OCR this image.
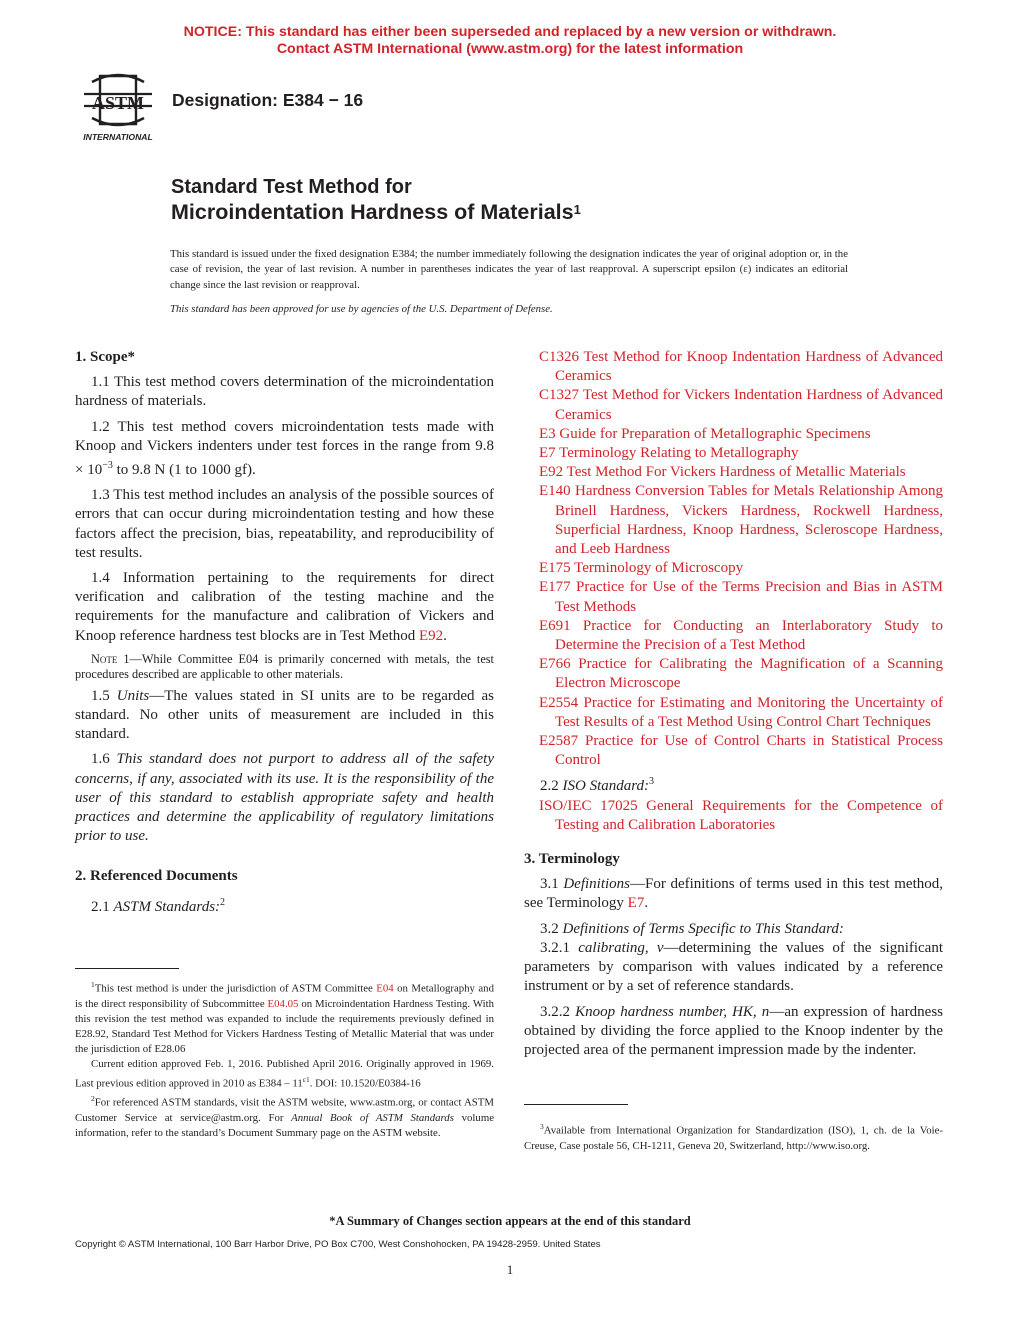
NOTICE: This standard has either been superseded and replaced by a new version or withdrawn.
Contact ASTM International (www.astm.org) for the latest information
ASTM
INTERNATIONAL
Designation: E384 − 16
Standard Test Method for
Microindentation Hardness of Materials$^1$
This standard is issued under the fixed designation E384; the number immediately following the designation indicates the year of original adoption or, in the case of revision, the year of last revision. A number in parentheses indicates the year of last reapproval. A superscript epsilon (ε) indicates an editorial change since the last revision or reapproval.
This standard has been approved for use by agencies of the U.S. Department of Defense.
1. Scope*

1.1 This test method covers determination of the microindentation hardness of materials.

1.2 This test method covers microindentation tests made with Knoop and Vickers indenters under test forces in the range from $9.8 \times 10^{-3}$ to 9.8 N (1 to 1000 gf).

1.3 This test method includes an analysis of the possible sources of errors that can occur during microindentation testing and how these factors affect the precision, bias, repeatability, and reproducibility of test results.

1.4 Information pertaining to the requirements for direct verification and calibration of the testing machine and the requirements for the manufacture and calibration of Vickers and Knoop reference hardness test blocks are in Test Method E92.

Note 1—While Committee E04 is primarily concerned with metals, the test procedures described are applicable to other materials.

1.5 Units—The values stated in SI units are to be regarded as standard. No other units of measurement are included in this standard.

1.6 This standard does not purport to address all of the safety concerns, if any, associated with its use. It is the responsibility of the user of this standard to establish appropriate safety and health practices and determine the applicability of regulatory limitations prior to use.

2. Referenced Documents

2.1 ASTM Standards:$^2$

$^1$This test method is under the jurisdiction of ASTM Committee E04 on Metallography and is the direct responsibility of Subcommittee E04.05 on Microindentation Hardness Testing. With this revision the test method was expanded to include the requirements previously defined in E28.92, Standard Test Method for Vickers Hardness Testing of Metallic Material that was under the jurisdiction of E28.06

Current edition approved Feb. 1, 2016. Published April 2016. Originally approved in 1969. Last previous edition approved in 2010 as $E384 - 11^{\varepsilon 1}$. DOI: 10.1520/E0384-16

$^2$For referenced ASTM standards, visit the ASTM website, www.astm.org, or contact ASTM Customer Service at service@astm.org. For Annual Book of ASTM Standards volume information, refer to the standard’s Document Summary page on the ASTM website.

C1326 Test Method for Knoop Indentation Hardness of Advanced Ceramics

C1327 Test Method for Vickers Indentation Hardness of Advanced Ceramics

E3 Guide for Preparation of Metallographic Specimens

E7 Terminology Relating to Metallography

E92 Test Method For Vickers Hardness of Metallic Materials

E140 Hardness Conversion Tables for Metals Relationship Among Brinell Hardness, Vickers Hardness, Rockwell Hardness, Superficial Hardness, Knoop Hardness, Scleroscope Hardness, and Leeb Hardness

E175 Terminology of Microscopy

E177 Practice for Use of the Terms Precision and Bias in ASTM Test Methods

E691 Practice for Conducting an Interlaboratory Study to Determine the Precision of a Test Method

E766 Practice for Calibrating the Magnification of a Scanning Electron Microscope

E2554 Practice for Estimating and Monitoring the Uncertainty of Test Results of a Test Method Using Control Chart Techniques

E2587 Practice for Use of Control Charts in Statistical Process Control

2.2 ISO Standard:$^3$

ISO/IEC 17025 General Requirements for the Competence of Testing and Calibration Laboratories

3. Terminology

3.1 Definitions—For definitions of terms used in this test method, see Terminology E7.

3.2 Definitions of Terms Specific to This Standard:

3.2.1 calibrating, v—determining the values of the significant parameters by comparison with values indicated by a reference instrument or by a set of reference standards.

3.2.2 Knoop hardness number, HK, n—an expression of hardness obtained by dividing the force applied to the Knoop indenter by the projected area of the permanent impression made by the indenter.

$^3$Available from International Organization for Standardization (ISO), 1, ch. de la Voie-Creuse, Case postale 56, CH-1211, Geneva 20, Switzerland, http://www.iso.org.

*A Summary of Changes section appears at the end of this standard
Copyright © ASTM International, 100 Barr Harbor Drive, PO Box C700, West Conshohocken, PA 19428-2959. United States
1
